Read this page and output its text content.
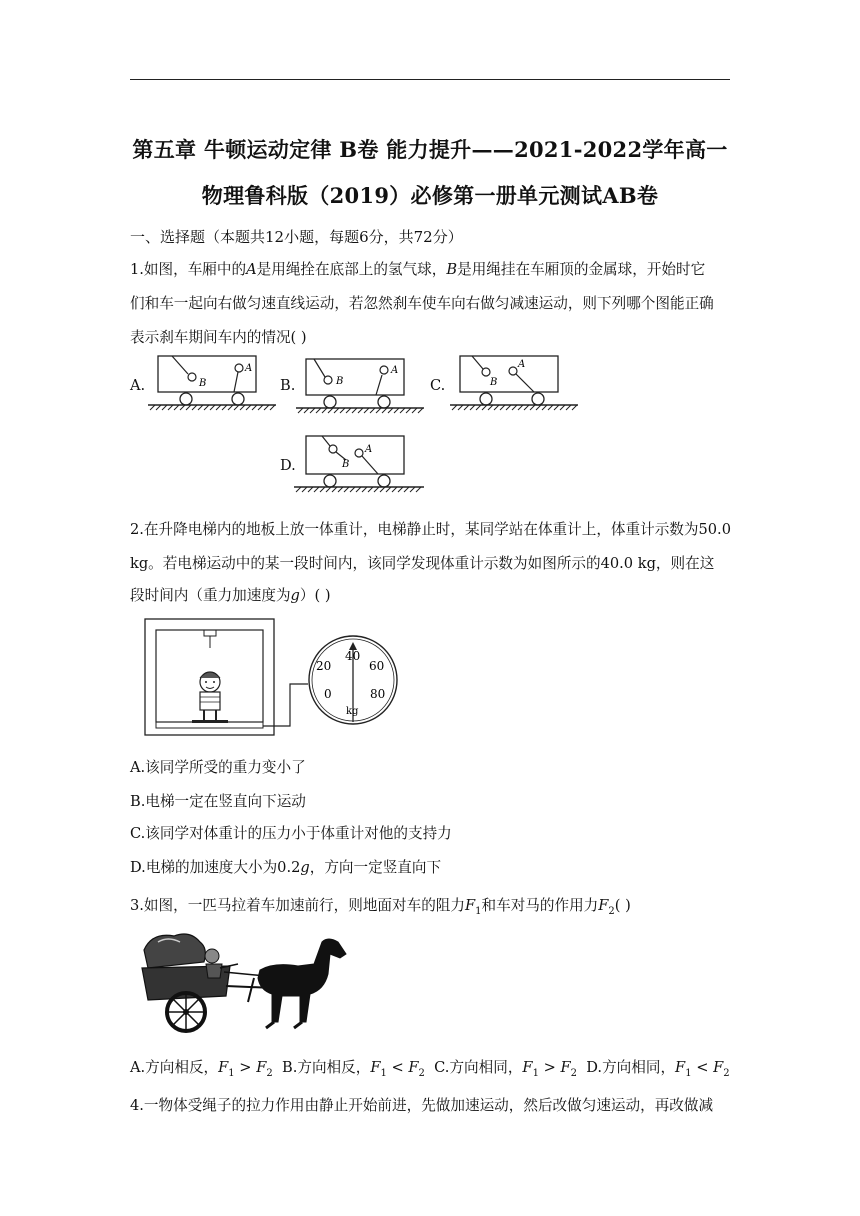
第五章 牛顿运动定律 B卷 能力提升——2021-2022学年高一
物理鲁科版（2019）必修第一册单元测试AB卷
一、选择题（本题共12小题，每题6分，共72分）
1.如图，车厢中的A是用绳拴在底部上的氢气球，B是用绳挂在车厢顶的金属球，开始时它
们和车一起向右做匀速直线运动，若忽然刹车使车向右做匀减速运动，则下列哪个图能正确
表示刹车期间车内的情况( )
A.	B.	C.
D.
B
A
B
A
B
A
B
A
2.在升降电梯内的地板上放一体重计，电梯静止时，某同学站在体重计上，体重计示数为50.0
kg。若电梯运动中的某一段时间内，该同学发现体重计示数为如图所示的40.0 kg，则在这
段时间内（重力加速度为g）( )
40
60
20
0	80
kg
A.该同学所受的重力变小了
B.电梯一定在竖直向下运动
C.该同学对体重计的压力小于体重计对他的支持力
D.电梯的加速度大小为0.2g，方向一定竖直向下
3.如图，一匹马拉着车加速前行，则地面对车的阻力$F_1$和车对马的作用力$F_2$( )
A.方向相反，$F_1 > F_2$ B.方向相反，$F_1 < F_2$ C.方向相同，$F_1 > F_2$ D.方向相同，$F_1 < F_2$
4.一物体受绳子的拉力作用由静止开始前进，先做加速运动，然后改做匀速运动，再改做减
